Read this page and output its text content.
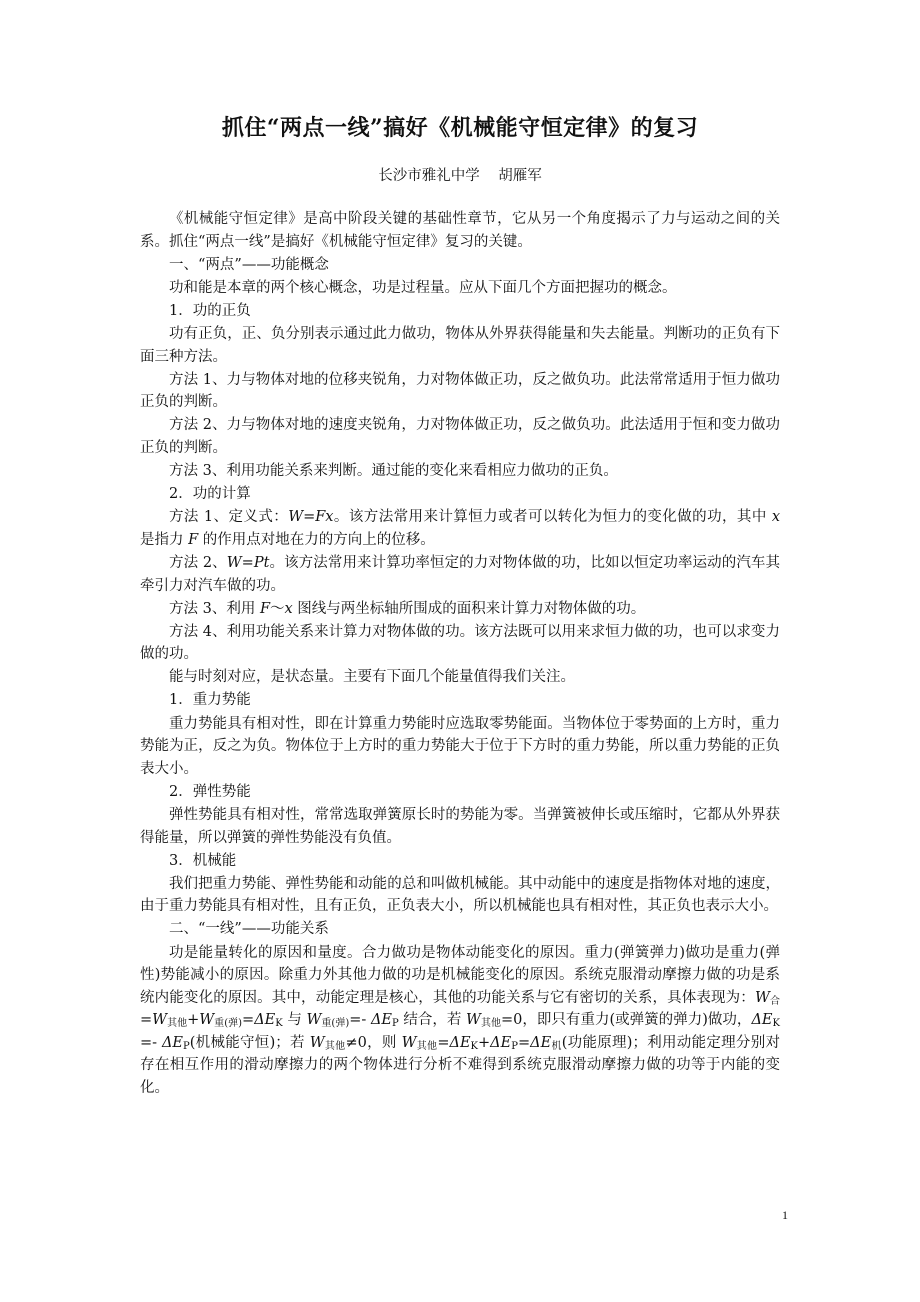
抓住“两点一线”搞好《机械能守恒定律》的复习
长沙市雅礼中学    胡雁军

《机械能守恒定律》是高中阶段关键的基础性章节，它从另一个角度揭示了力与运动之间的关系。抓住“两点一线”是搞好《机械能守恒定律》复习的关键。

一、“两点”——功能概念

功和能是本章的两个核心概念，功是过程量。应从下面几个方面把握功的概念。

1．功的正负

功有正负，正、负分别表示通过此力做功，物体从外界获得能量和失去能量。判断功的正负有下面三种方法。

方法 1、力与物体对地的位移夹锐角，力对物体做正功，反之做负功。此法常常适用于恒力做功正负的判断。

方法 2、力与物体对地的速度夹锐角，力对物体做正功，反之做负功。此法适用于恒和变力做功正负的判断。

方法 3、利用功能关系来判断。通过能的变化来看相应力做功的正负。

2．功的计算

方法 1、定义式：W=Fx。该方法常用来计算恒力或者可以转化为恒力的变化做的功，其中 x 是指力 F 的作用点对地在力的方向上的位移。

方法 2、W=Pt。该方法常用来计算功率恒定的力对物体做的功，比如以恒定功率运动的汽车其牵引力对汽车做的功。

方法 3、利用 F～x 图线与两坐标轴所围成的面积来计算力对物体做的功。

方法 4、利用功能关系来计算力对物体做的功。该方法既可以用来求恒力做的功，也可以求变力做的功。

能与时刻对应，是状态量。主要有下面几个能量值得我们关注。

1．重力势能

重力势能具有相对性，即在计算重力势能时应选取零势能面。当物体位于零势面的上方时，重力势能为正，反之为负。物体位于上方时的重力势能大于位于下方时的重力势能，所以重力势能的正负表大小。

2．弹性势能

弹性势能具有相对性，常常选取弹簧原长时的势能为零。当弹簧被伸长或压缩时，它都从外界获得能量，所以弹簧的弹性势能没有负值。

3．机械能

我们把重力势能、弹性势能和动能的总和叫做机械能。其中动能中的速度是指物体对地的速度，由于重力势能具有相对性，且有正负，正负表大小，所以机械能也具有相对性，其正负也表示大小。

二、“一线”——功能关系

功是能量转化的原因和量度。合力做功是物体动能变化的原因。重力(弹簧弹力)做功是重力(弹性)势能减小的原因。除重力外其他力做的功是机械能变化的原因。系统克服滑动摩擦力做的功是系统内能变化的原因。其中，动能定理是核心，其他的功能关系与它有密切的关系，具体表现为：$W_合=W_{其他}+W_{重(弹)}=\Delta E_K$ 与 $W_{重(弹)}=-$ $\Delta E_P$ 结合，若 $W_{其他}=0$，即只有重力(或弹簧的弹力)做功，$\Delta E_K =- \Delta E_P$(机械能守恒)；若 $W_{其他}\ne 0$，则 $W_{其他}=\Delta E_K+\Delta E_P=\Delta E_机$(功能原理)；利用动能定理分别对存在相互作用的滑动摩擦力的两个物体进行分析不难得到系统克服滑动摩擦力做的功等于内能的变化。

1
